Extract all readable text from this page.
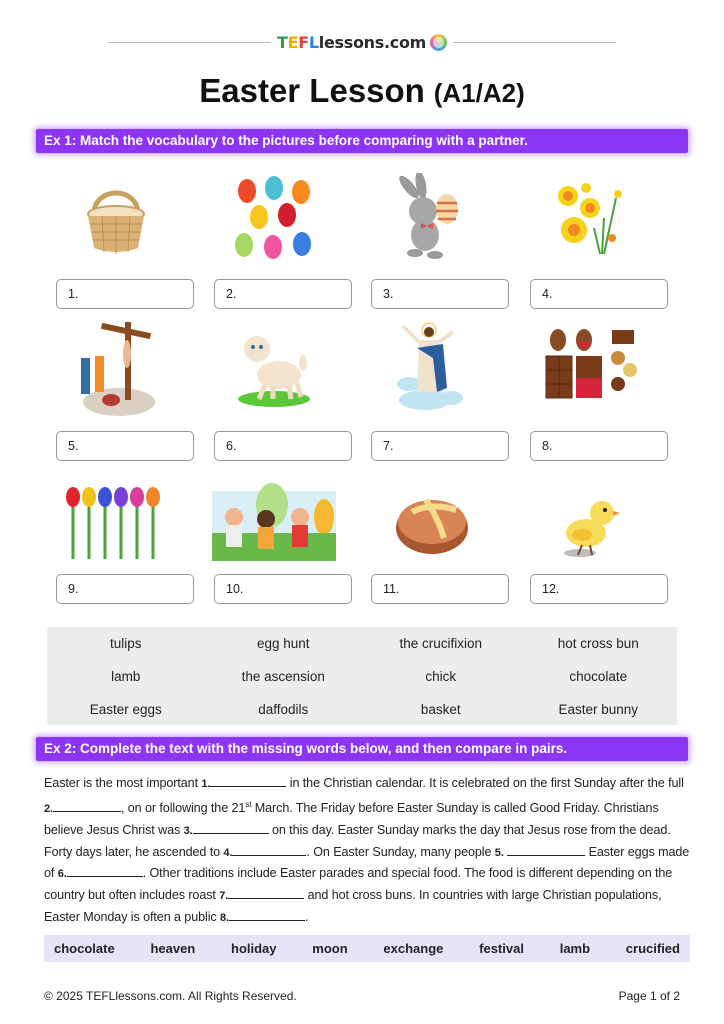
T E F L lessons.com
Easter Lesson (A1/A2)
Ex 1: Match the vocabulary to the pictures before comparing with a partner.
1.	2.	3.	4.
5.	6.	7.	8.
9.	10.	11.	12.
tulips	egg hunt	the crucifixion	hot cross bun
lamb	the ascension	chick	chocolate
Easter eggs	daffodils	basket	Easter bunny
Ex 2: Complete the text with the missing words below, and then compare in pairs.

Easter is the most important 1.	in the Christian calendar. It is celebrated on the first Sunday after the full 2.	, on or following the 21st March. The Friday before Easter Sunday is called Good Friday. Christians believe Jesus Christ was 3.	on this day. Easter Sunday marks the day that Jesus rose from the dead. Forty days later, he ascended to 4.	. On Easter Sunday, many people 5.	Easter eggs made of 6.	. Other traditions include Easter parades and special food. The food is different depending on the country but often includes roast 7.	and hot cross buns. In countries with large Christian populations, Easter Monday is often a public 8.	.

chocolate	heaven	holiday	moon	exchange	festival	lamb	crucified
© 2025 TEFLlessons.com. All Rights Reserved.	Page 1 of 2
